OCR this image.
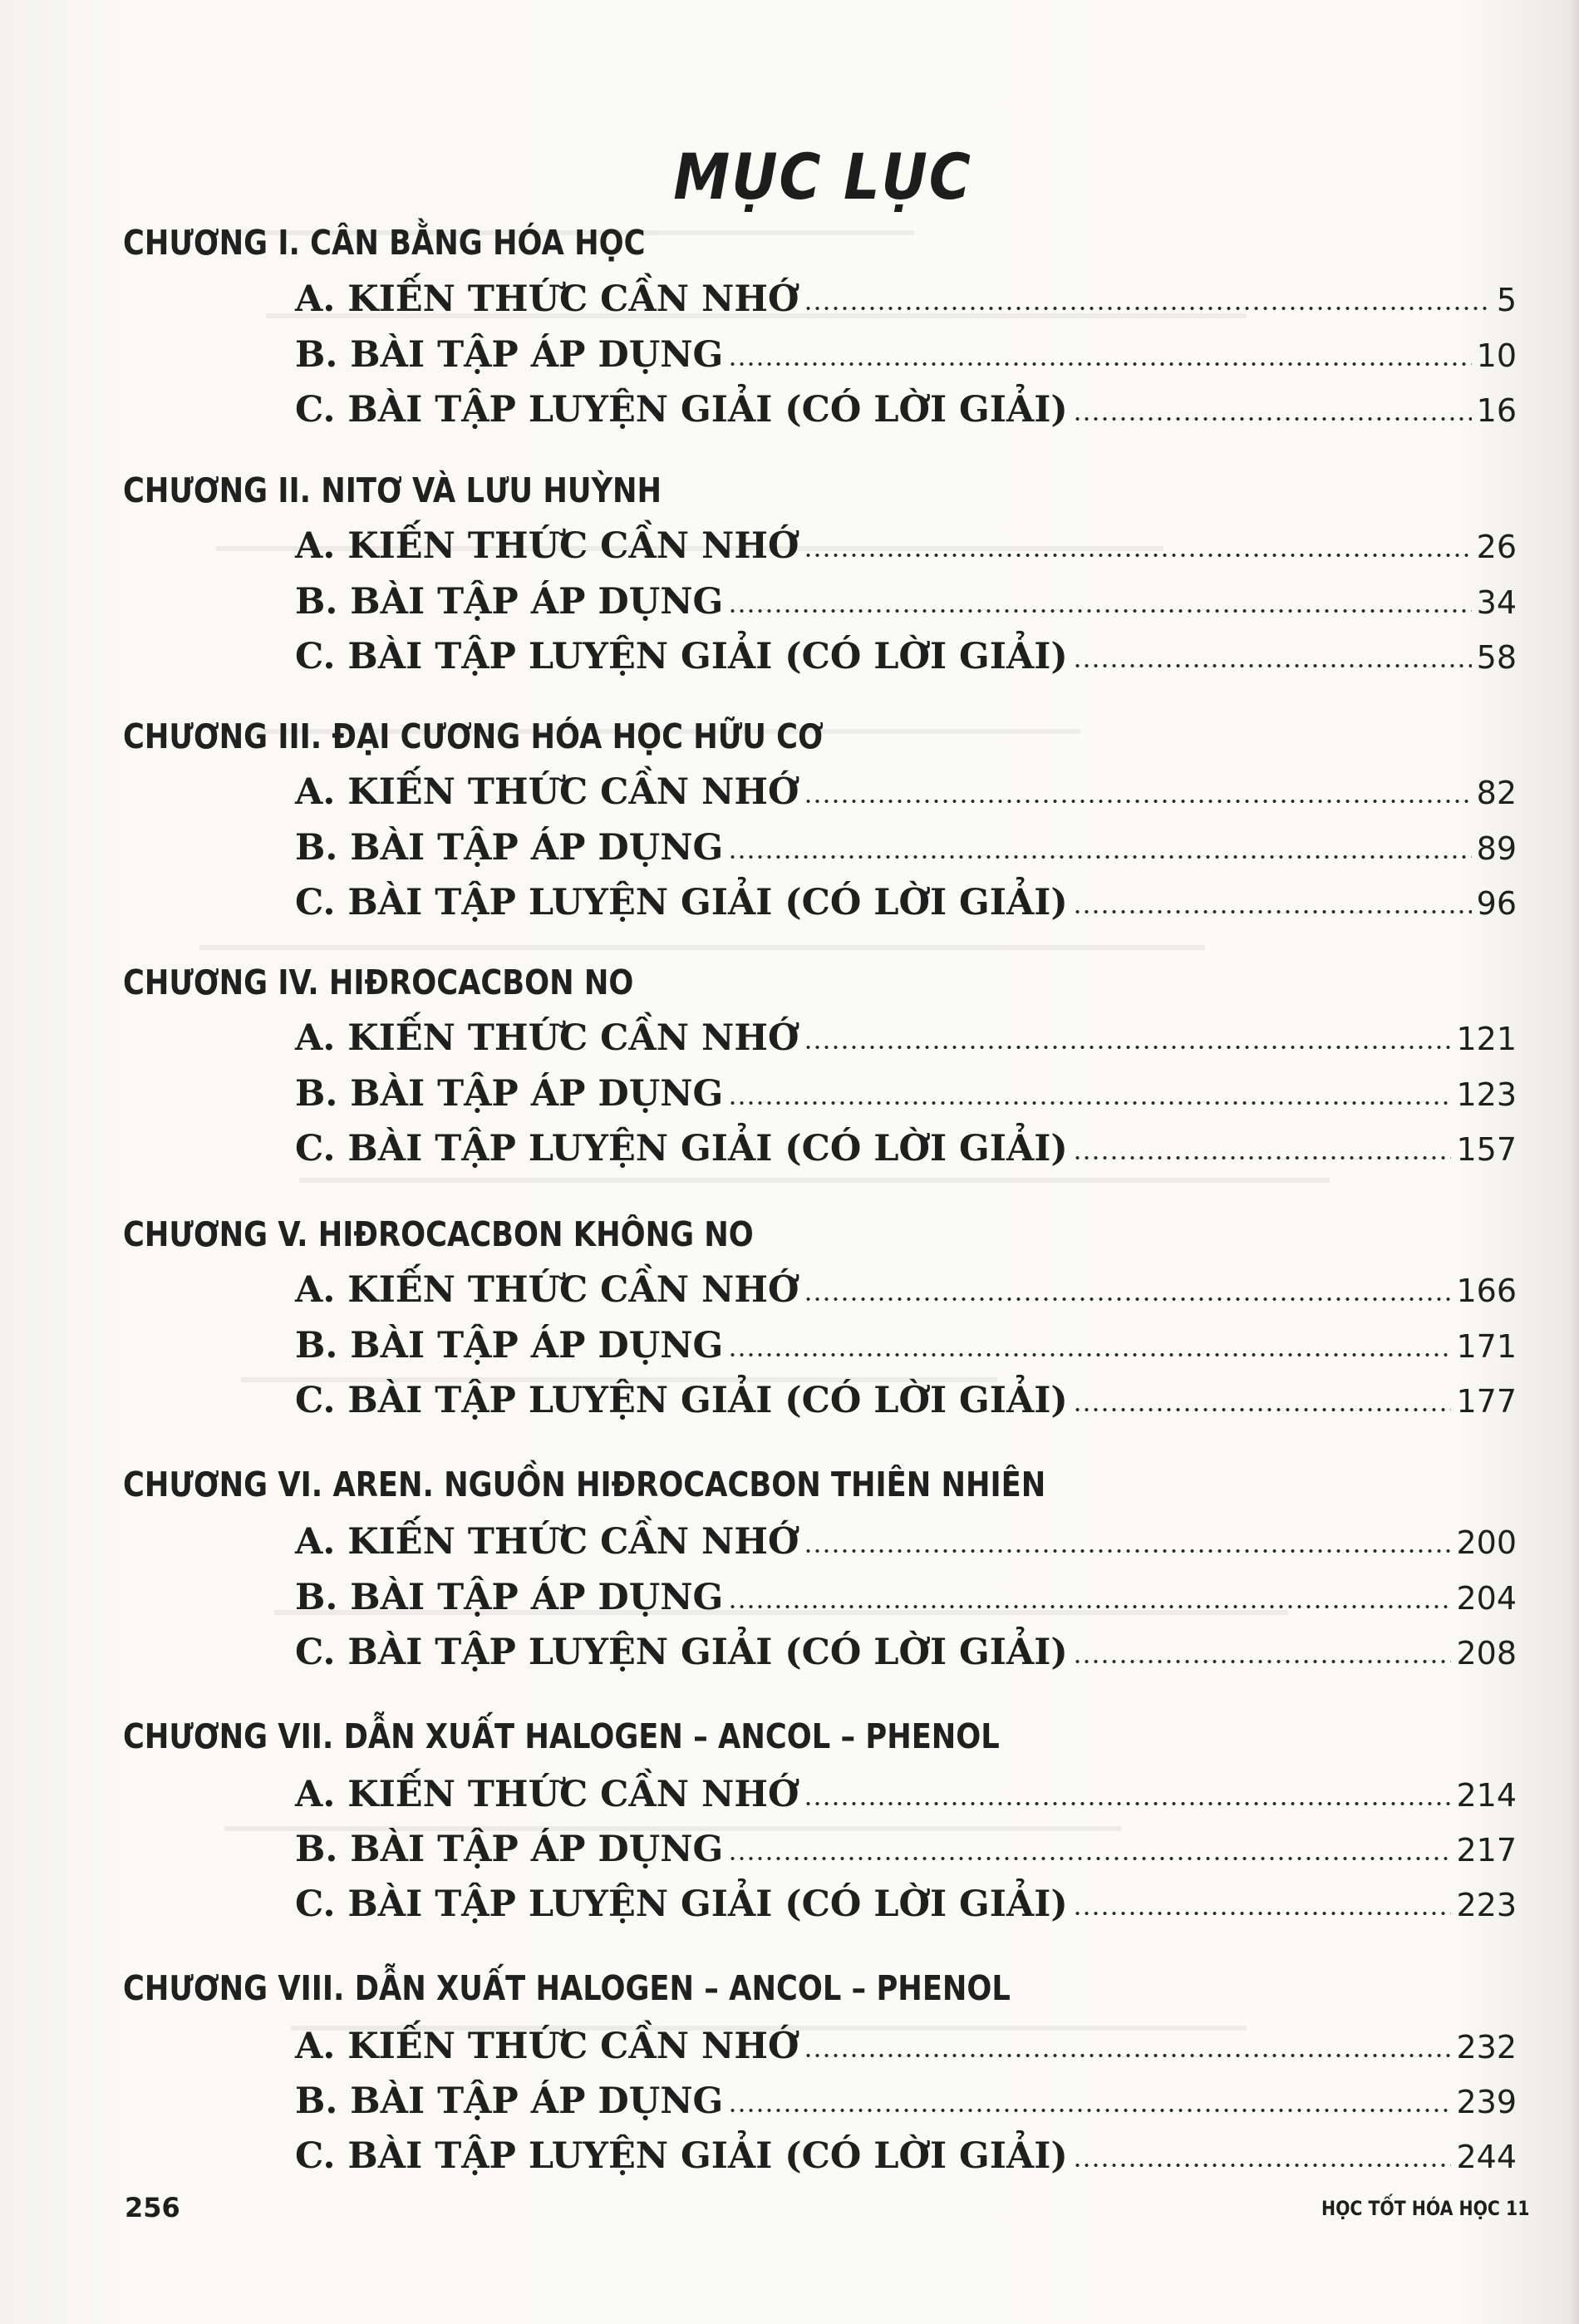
MỤC LỤC
CHƯƠNG I. CÂN BẰNG HÓA HỌC
A. KIẾN THỨC CẦN NHỚ	5
B. BÀI TẬP ÁP DỤNG	10
C. BÀI TẬP LUYỆN GIẢI (CÓ LỜI GIẢI)	16
CHƯƠNG II. NITƠ VÀ LƯU HUỲNH
A. KIẾN THỨC CẦN NHỚ	26
B. BÀI TẬP ÁP DỤNG	34
C. BÀI TẬP LUYỆN GIẢI (CÓ LỜI GIẢI)	58
CHƯƠNG III. ĐẠI CƯƠNG HÓA HỌC HỮU CƠ
A. KIẾN THỨC CẦN NHỚ	82
B. BÀI TẬP ÁP DỤNG	89
C. BÀI TẬP LUYỆN GIẢI (CÓ LỜI GIẢI)	96
CHƯƠNG IV. HIĐROCACBON NO
A. KIẾN THỨC CẦN NHỚ	121
B. BÀI TẬP ÁP DỤNG	123
C. BÀI TẬP LUYỆN GIẢI (CÓ LỜI GIẢI)	157
CHƯƠNG V. HIĐROCACBON KHÔNG NO
A. KIẾN THỨC CẦN NHỚ	166
B. BÀI TẬP ÁP DỤNG	171
C. BÀI TẬP LUYỆN GIẢI (CÓ LỜI GIẢI)	177
CHƯƠNG VI. AREN. NGUỒN HIĐROCACBON THIÊN NHIÊN
A. KIẾN THỨC CẦN NHỚ	200
B. BÀI TẬP ÁP DỤNG	204
C. BÀI TẬP LUYỆN GIẢI (CÓ LỜI GIẢI)	208
CHƯƠNG VII. DẪN XUẤT HALOGEN – ANCOL – PHENOL
A. KIẾN THỨC CẦN NHỚ	214
B. BÀI TẬP ÁP DỤNG	217
C. BÀI TẬP LUYỆN GIẢI (CÓ LỜI GIẢI)	223
CHƯƠNG VIII. DẪN XUẤT HALOGEN – ANCOL – PHENOL
A. KIẾN THỨC CẦN NHỚ	232
B. BÀI TẬP ÁP DỤNG	239
C. BÀI TẬP LUYỆN GIẢI (CÓ LỜI GIẢI)	244
256	HỌC TỐT HÓA HỌC 11
